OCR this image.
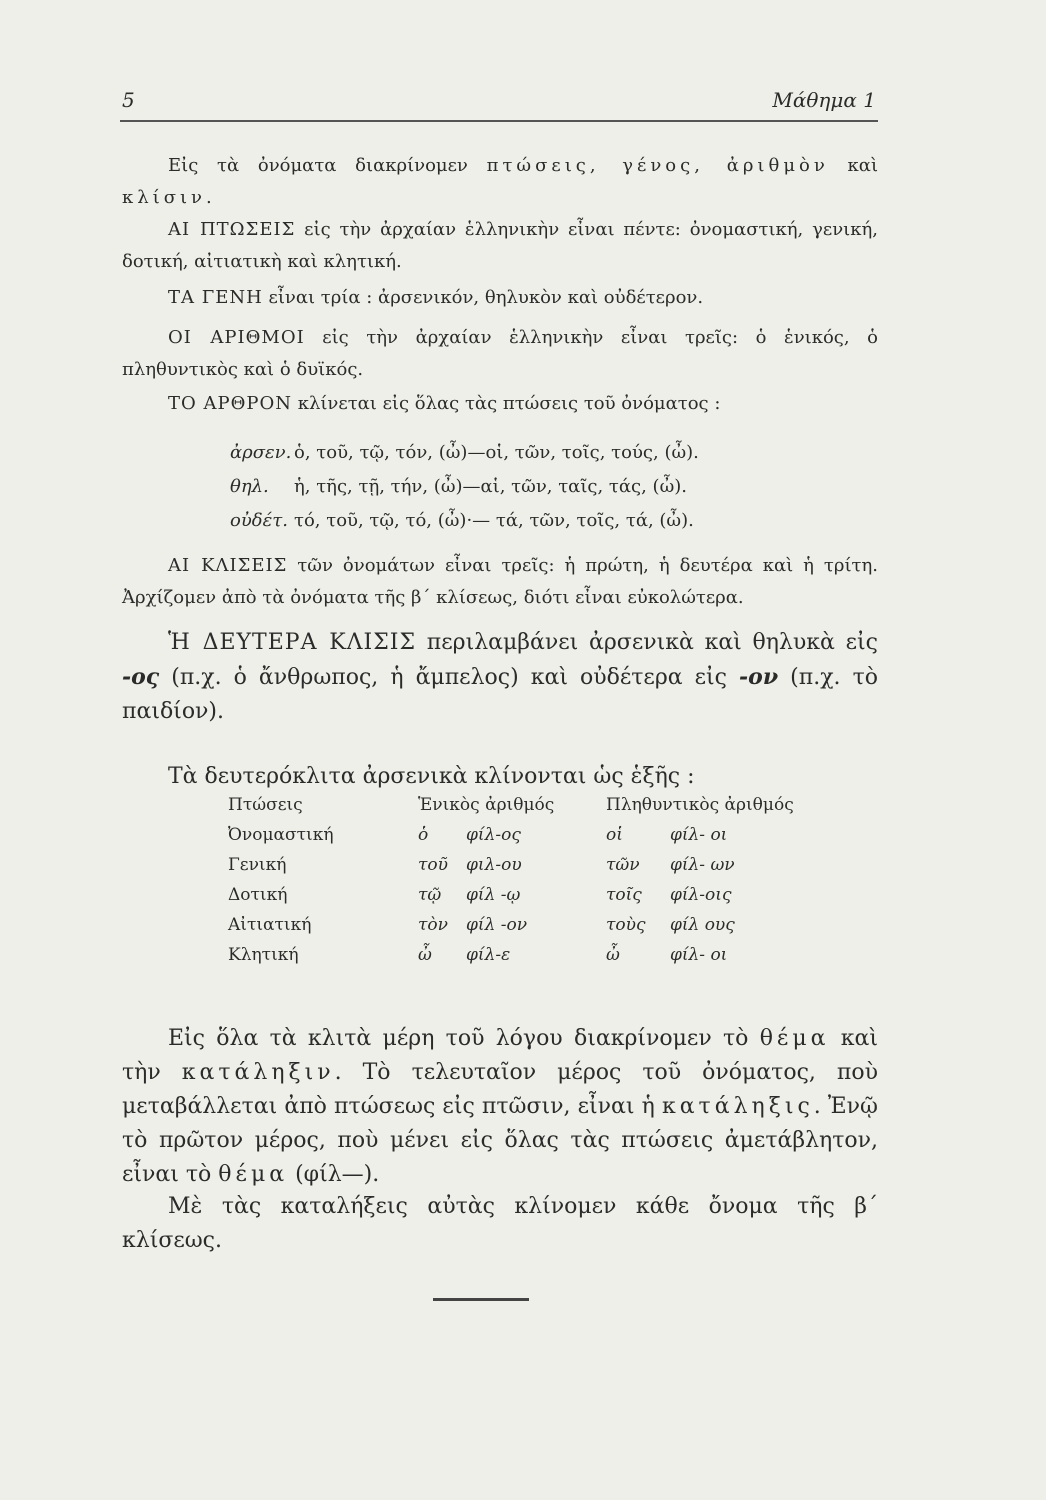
5	Μάθημα 1

Εἰς τὰ ὀνόματα διακρίνομεν πτώσεις, γένος, ἀριθμὸν καὶ κλίσιν.

ΑΙ ΠΤΩΣΕΙΣ εἰς τὴν ἀρχαίαν ἑλληνικὴν εἶναι πέντε: ὀνομαστική, γενική, δοτική, αἰτιατικὴ καὶ κλητική.

ΤΑ ΓΕΝΗ εἶναι τρία : ἀρσενικόν, θηλυκὸν καὶ οὐδέτερον.

ΟΙ ΑΡΙΘΜΟΙ εἰς τὴν ἀρχαίαν ἑλληνικὴν εἶναι τρεῖς: ὁ ἑνικός, ὁ πληθυντικὸς καὶ ὁ δυϊκός.

ΤΟ ΑΡΘΡΟΝ κλίνεται εἰς ὅλας τὰς πτώσεις τοῦ ὀνόματος :

ἀρσεν. ὁ, τοῦ, τῷ, τόν, (ὦ)—οἱ, τῶν, τοῖς, τούς, (ὦ).
θηλ. ἡ, τῆς, τῇ, τήν, (ὦ)—αἱ, τῶν, ταῖς, τάς, (ὦ).
οὐδέτ. τό, τοῦ, τῷ, τό, (ὦ)·— τά, τῶν, τοῖς, τά, (ὦ).

ΑΙ ΚΛΙΣΕΙΣ τῶν ὀνομάτων εἶναι τρεῖς: ἡ πρώτη, ἡ δευτέρα καὶ ἡ τρίτη. Ἀρχίζομεν ἀπὸ τὰ ὀνόματα τῆς β΄ κλίσεως, διότι εἶναι εὐκολώτερα.

Ἡ ΔΕΥΤΕΡΑ ΚΛΙΣΙΣ περιλαμβάνει ἀρσενικὰ καὶ θηλυκὰ εἰς -ος (π.χ. ὁ ἄνθρωπος, ἡ ἄμπελος) καὶ οὐδέτερα εἰς -ον (π.χ. τὸ παιδίον).

Τὰ δευτερόκλιτα ἀρσενικὰ κλίνονται ὡς ἑξῆς :

Πτώσεις	Ἑνικὸς ἀριθμός		Πληθυντικὸς ἀριθμός	
Ὀνομαστική	ὁ	φίλ-ος	οἱ	φίλ- οι
Γενική	τοῦ	φιλ-ου	τῶν	φίλ- ων
Δοτική	τῷ	φίλ -ῳ	τοῖς	φίλ-οις
Αἰτιατική	τὸν	φίλ -ον	τοὺς	φίλ ους
Κλητική	ὦ	φίλ-ε	ὦ	φίλ- οι

Εἰς ὅλα τὰ κλιτὰ μέρη τοῦ λόγου διακρίνομεν τὸ θέμα καὶ τὴν κατάληξιν. Τὸ τελευταῖον μέρος τοῦ ὀνόματος, ποὺ μεταβάλλεται ἀπὸ πτώσεως εἰς πτῶσιν, εἶναι ἡ κατάληξις. Ἐνῷ τὸ πρῶτον μέρος, ποὺ μένει εἰς ὅλας τὰς πτώσεις ἀμετάβλητον, εἶναι τὸ θέμα (φίλ—).

Μὲ τὰς καταλήξεις αὐτὰς κλίνομεν κάθε ὄνομα τῆς β΄ κλίσεως.
